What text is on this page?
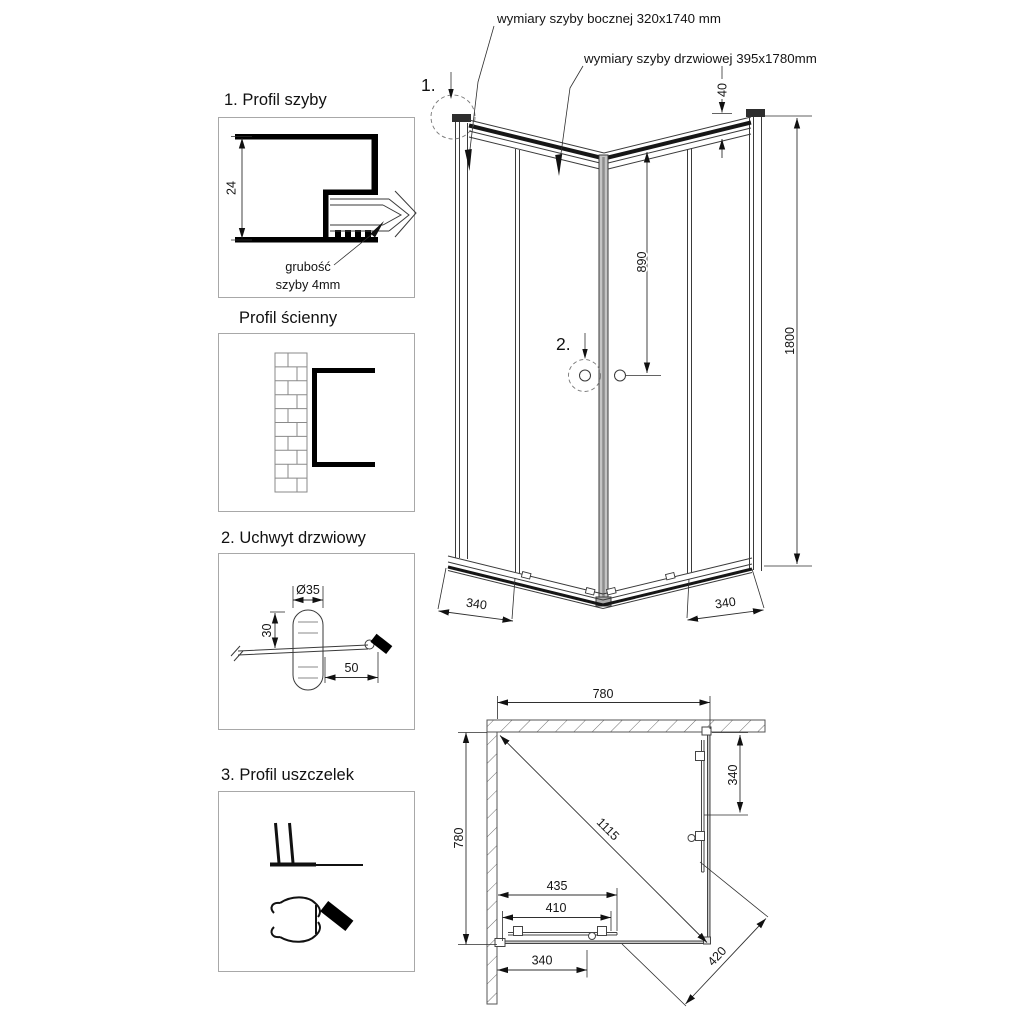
1. Profil szyby
Profil ścienny
2. Uchwyt drzwiowy
3. Profil uszczelek
wymiary szyby bocznej 320x1740 mm
wymiary szyby drzwiowej 395x1780mm
1.
2.
grubość
szyby 4mm
40
890
1800
340	340
780
780	1115
420
340
435
410
340
24
Ø35
30
50
